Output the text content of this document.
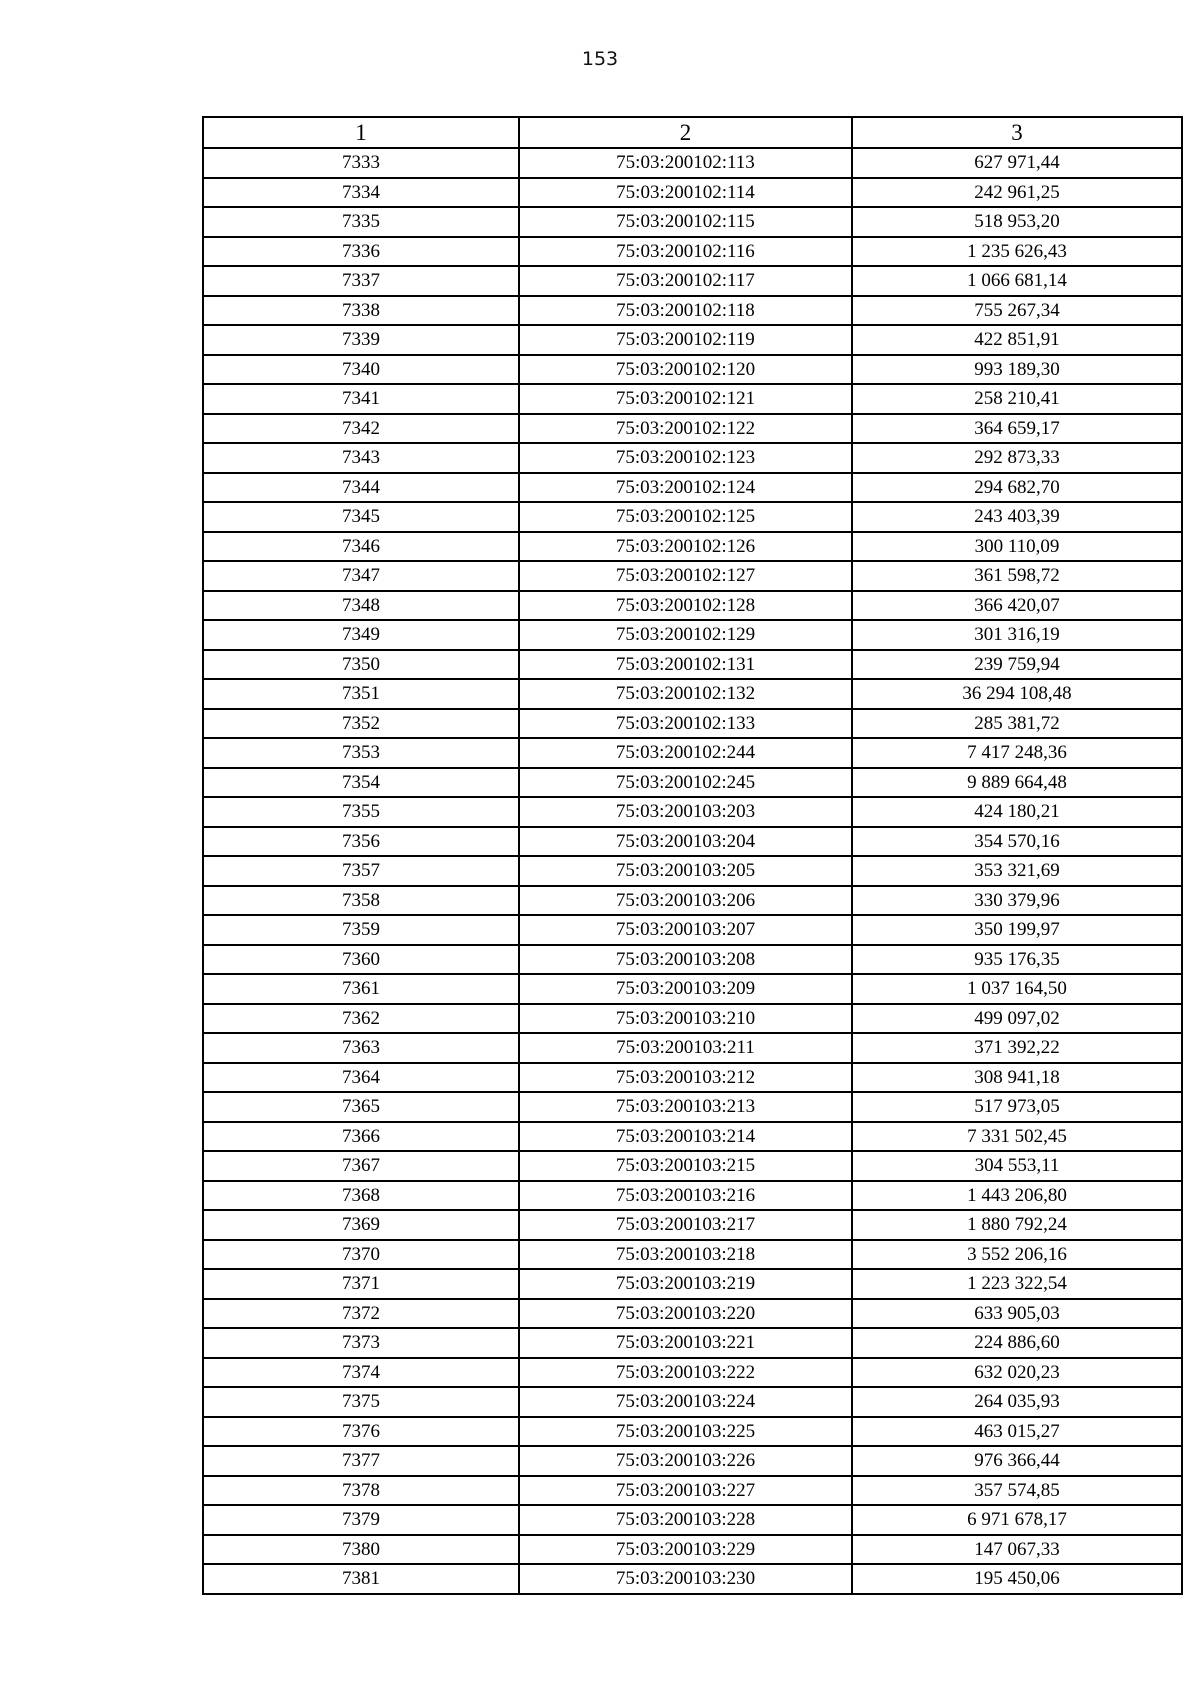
153
1	2	3
7333	75:03:200102:113	627 971,44
7334	75:03:200102:114	242 961,25
7335	75:03:200102:115	518 953,20
7336	75:03:200102:116	1 235 626,43
7337	75:03:200102:117	1 066 681,14
7338	75:03:200102:118	755 267,34
7339	75:03:200102:119	422 851,91
7340	75:03:200102:120	993 189,30
7341	75:03:200102:121	258 210,41
7342	75:03:200102:122	364 659,17
7343	75:03:200102:123	292 873,33
7344	75:03:200102:124	294 682,70
7345	75:03:200102:125	243 403,39
7346	75:03:200102:126	300 110,09
7347	75:03:200102:127	361 598,72
7348	75:03:200102:128	366 420,07
7349	75:03:200102:129	301 316,19
7350	75:03:200102:131	239 759,94
7351	75:03:200102:132	36 294 108,48
7352	75:03:200102:133	285 381,72
7353	75:03:200102:244	7 417 248,36
7354	75:03:200102:245	9 889 664,48
7355	75:03:200103:203	424 180,21
7356	75:03:200103:204	354 570,16
7357	75:03:200103:205	353 321,69
7358	75:03:200103:206	330 379,96
7359	75:03:200103:207	350 199,97
7360	75:03:200103:208	935 176,35
7361	75:03:200103:209	1 037 164,50
7362	75:03:200103:210	499 097,02
7363	75:03:200103:211	371 392,22
7364	75:03:200103:212	308 941,18
7365	75:03:200103:213	517 973,05
7366	75:03:200103:214	7 331 502,45
7367	75:03:200103:215	304 553,11
7368	75:03:200103:216	1 443 206,80
7369	75:03:200103:217	1 880 792,24
7370	75:03:200103:218	3 552 206,16
7371	75:03:200103:219	1 223 322,54
7372	75:03:200103:220	633 905,03
7373	75:03:200103:221	224 886,60
7374	75:03:200103:222	632 020,23
7375	75:03:200103:224	264 035,93
7376	75:03:200103:225	463 015,27
7377	75:03:200103:226	976 366,44
7378	75:03:200103:227	357 574,85
7379	75:03:200103:228	6 971 678,17
7380	75:03:200103:229	147 067,33
7381	75:03:200103:230	195 450,06
